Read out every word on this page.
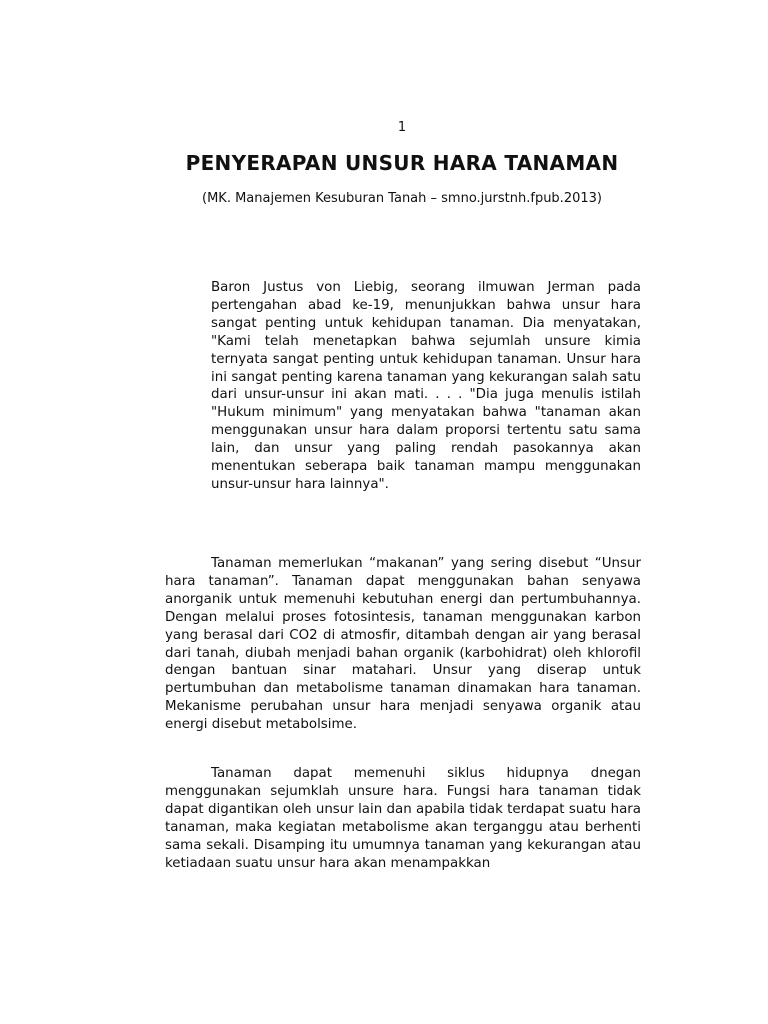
1
PENYERAPAN UNSUR HARA TANAMAN
(MK. Manajemen Kesuburan Tanah – smno.jurstnh.fpub.2013)

Baron Justus von Liebig, seorang ilmuwan Jerman pada pertengahan abad ke-19, menunjukkan bahwa unsur hara sangat penting untuk kehidupan tanaman. Dia menyatakan, "Kami telah menetapkan bahwa sejumlah unsure kimia ternyata sangat penting untuk kehidupan tanaman. Unsur hara ini sangat penting karena tanaman yang kekurangan salah satu dari unsur-unsur ini akan mati. . . . "Dia juga menulis istilah "Hukum minimum" yang menyatakan bahwa "tanaman akan menggunakan unsur hara dalam proporsi tertentu satu sama lain, dan unsur yang paling rendah pasokannya akan menentukan seberapa baik tanaman mampu menggunakan unsur-unsur hara lainnya".

Tanaman memerlukan “makanan” yang sering disebut “Unsur hara tanaman”. Tanaman dapat menggunakan bahan senyawa anorganik untuk memenuhi kebutuhan energi dan pertumbuhannya. Dengan melalui proses fotosintesis, tanaman menggunakan karbon yang berasal dari CO2 di atmosfir, ditambah dengan air yang berasal dari tanah, diubah menjadi bahan organik (karbohidrat) oleh khlorofil dengan bantuan sinar matahari. Unsur yang diserap untuk pertumbuhan dan metabolisme tanaman dinamakan hara tanaman. Mekanisme perubahan unsur hara menjadi senyawa organik atau energi disebut metabolsime.

Tanaman dapat memenuhi siklus hidupnya dnegan menggunakan sejumklah unsure hara. Fungsi hara tanaman tidak dapat digantikan oleh unsur lain dan apabila tidak terdapat suatu hara tanaman, maka kegiatan metabolisme akan terganggu atau berhenti sama sekali. Disamping itu umumnya tanaman yang kekurangan atau ketiadaan suatu unsur hara akan menampakkan
